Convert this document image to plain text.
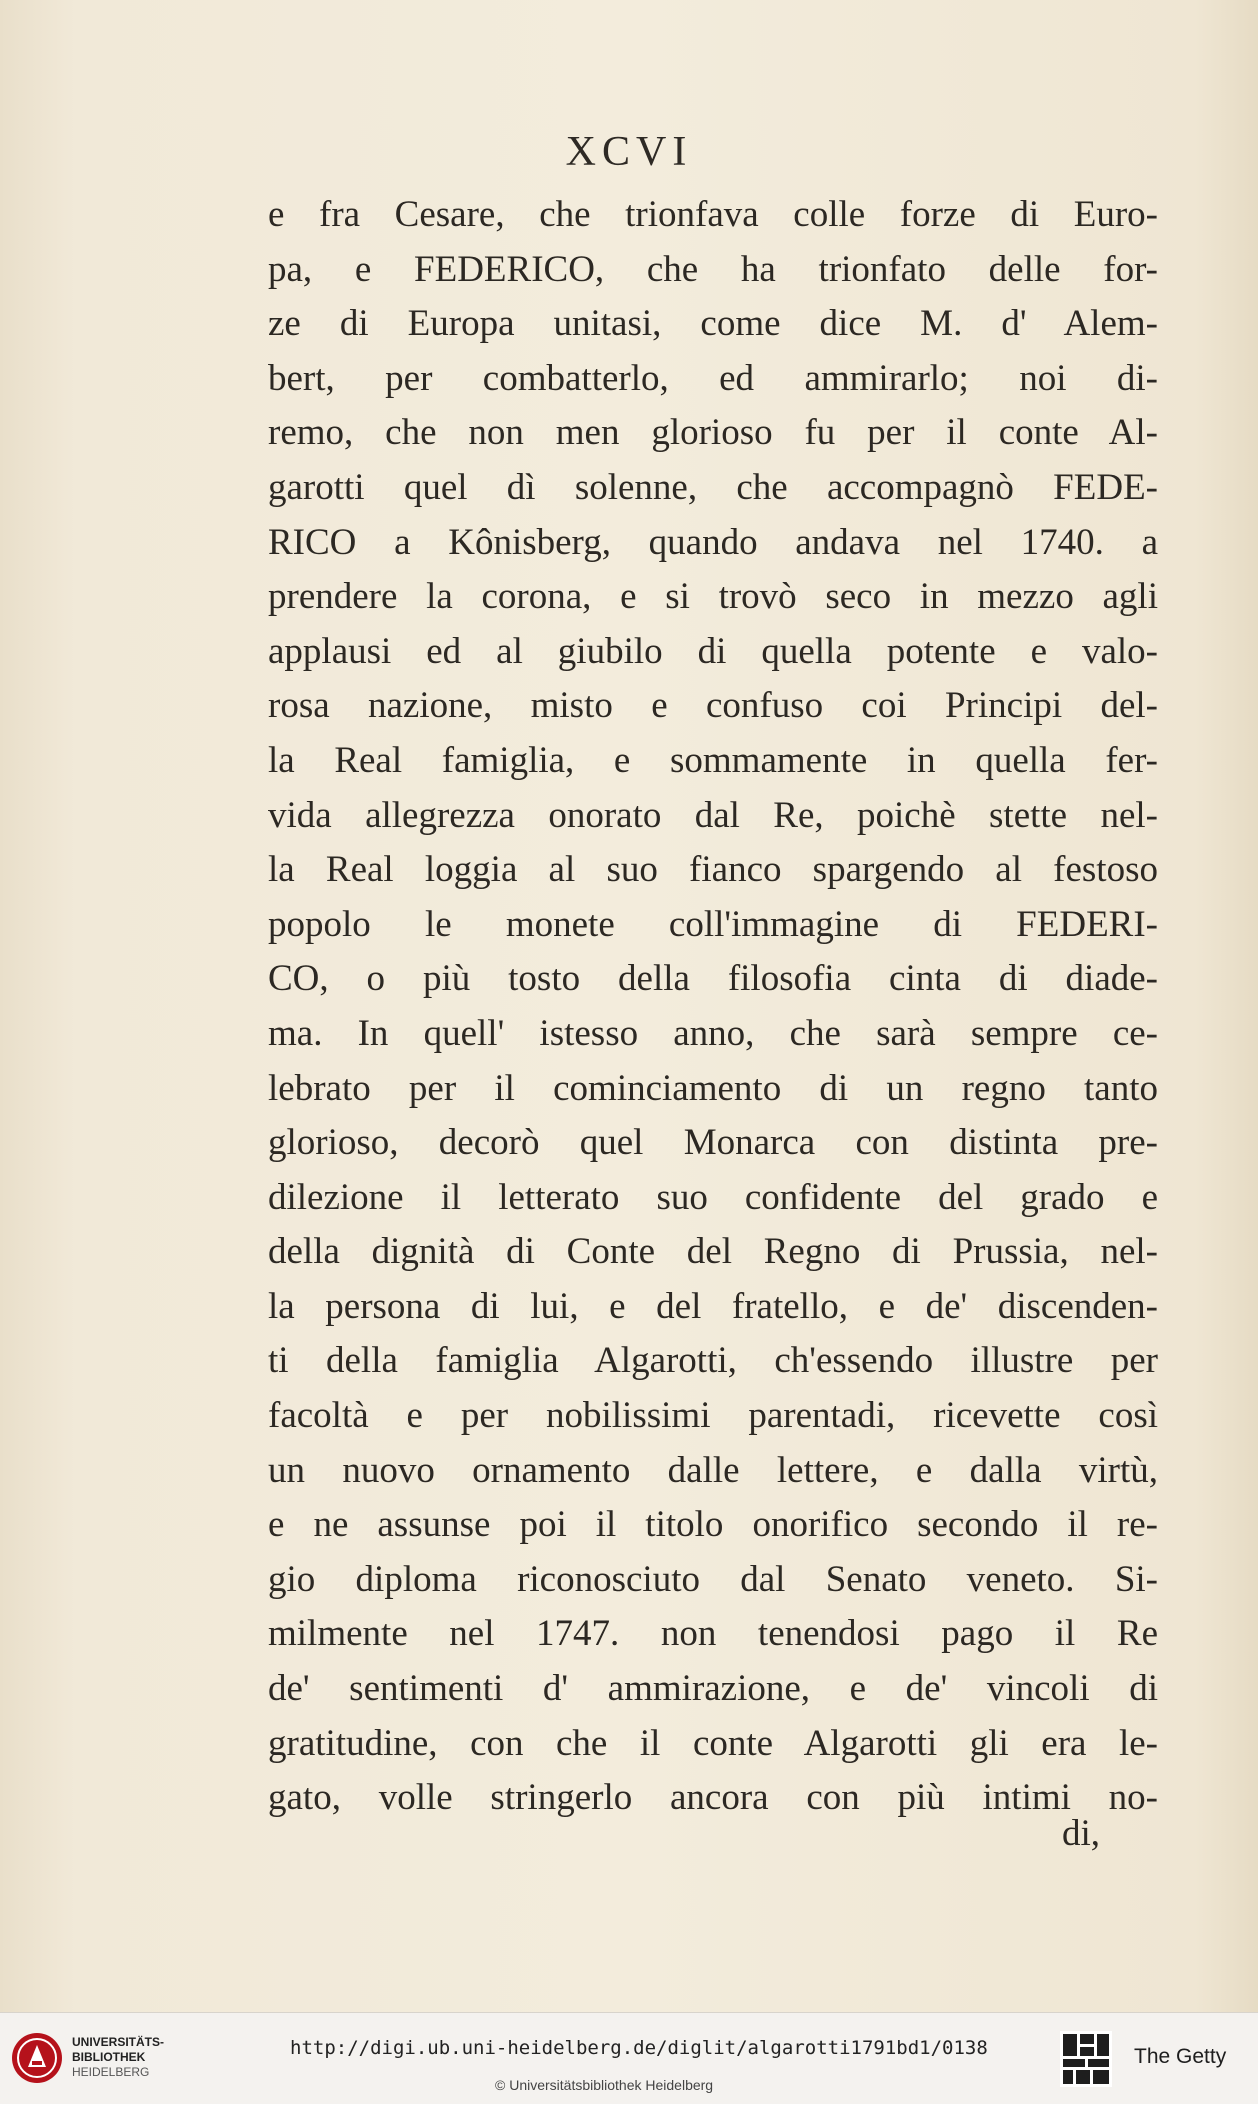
XCVI
e fra Cesare, che trionfava colle forze di Euro-
pa, e FEDERICO, che ha trionfato delle for-
ze di Europa unitasi, come dice M. d' Alem-
bert, per combatterlo, ed ammirarlo; noi di-
remo, che non men glorioso fu per il conte Al-
garotti quel dì solenne, che accompagnò FEDE-
RICO a Kônisberg, quando andava nel 1740. a
prendere la corona, e si trovò seco in mezzo agli
applausi ed al giubilo di quella potente e valo-
rosa nazione, misto e confuso coi Principi del-
la Real famiglia, e sommamente in quella fer-
vida allegrezza onorato dal Re, poichè stette nel-
la Real loggia al suo fianco spargendo al festoso
popolo le monete coll'immagine di FEDERI-
CO, o più tosto della filosofia cinta di diade-
ma. In quell' istesso anno, che sarà sempre ce-
lebrato per il cominciamento di un regno tanto
glorioso, decorò quel Monarca con distinta pre-
dilezione il letterato suo confidente del grado e
della dignità di Conte del Regno di Prussia, nel-
la persona di lui, e del fratello, e de' discenden-
ti della famiglia Algarotti, ch'essendo illustre per
facoltà e per nobilissimi parentadi, ricevette così
un nuovo ornamento dalle lettere, e dalla virtù,
e ne assunse poi il titolo onorifico secondo il re-
gio diploma riconosciuto dal Senato veneto. Si-
milmente nel 1747. non tenendosi pago il Re
de' sentimenti d' ammirazione, e de' vincoli di
gratitudine, con che il conte Algarotti gli era le-
gato, volle stringerlo ancora con più intimi no-
di,
UNIVERSITÄTS-
BIBLIOTHEK
HEIDELBERG
http://digi.ub.uni-heidelberg.de/diglit/algarotti1791bd1/0138
© Universitätsbibliothek Heidelberg
The Getty
